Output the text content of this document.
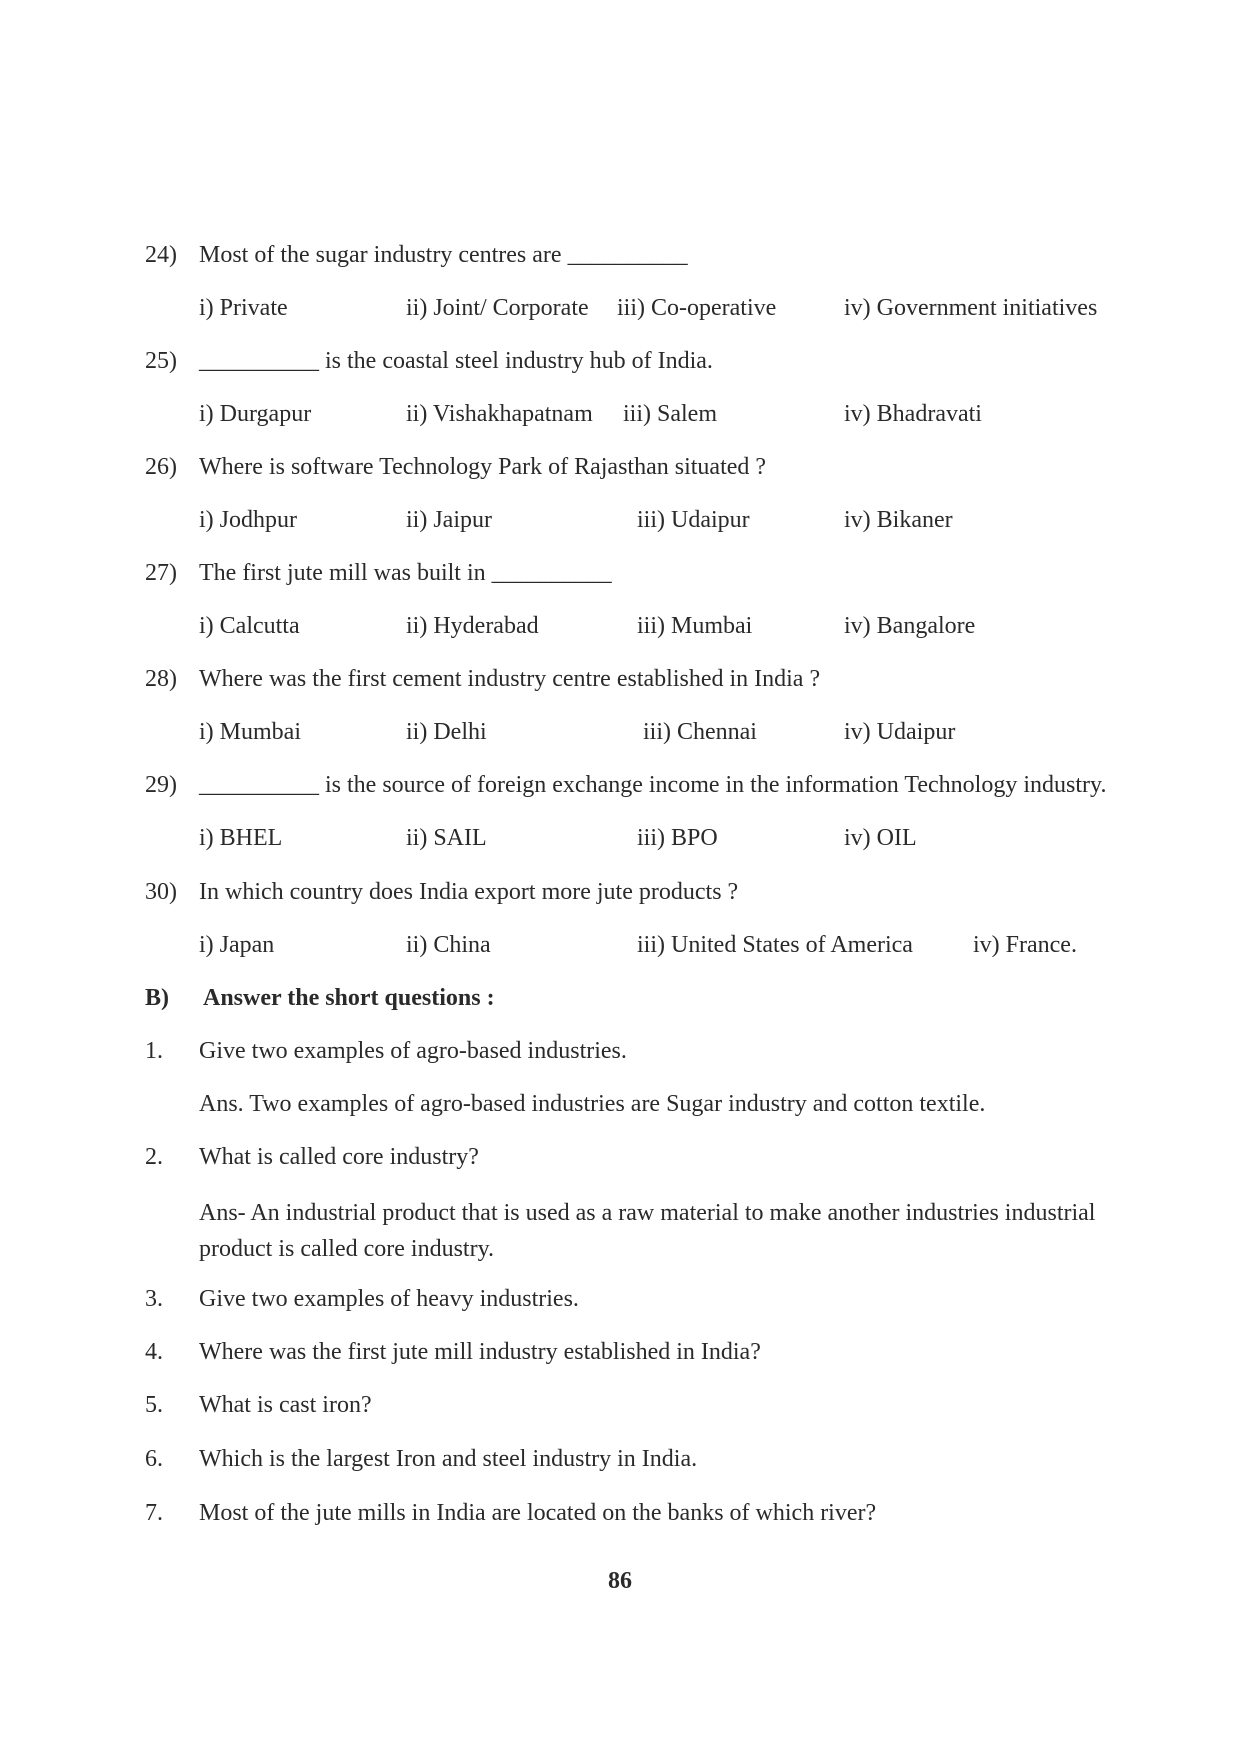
24) Most of the sugar industry centres are __________
i) Private	ii) Joint/ Corporate iii) Co-operative	iv) Government initiatives
25) __________ is the coastal steel industry hub of India.
i) Durgapur	ii) Vishakhapatnam iii) Salem	iv) Bhadravati
26) Where is software Technology Park of Rajasthan situated ?
i) Jodhpur	ii) Jaipur	iii) Udaipur	iv) Bikaner
27) The first jute mill was built in __________
i) Calcutta	ii) Hyderabad	iii) Mumbai	iv) Bangalore
28) Where was the first cement industry centre established in India ?
i) Mumbai	ii) Delhi	iii) Chennai	iv) Udaipur
29) __________ is the source of foreign exchange income in the information Technology industry.
i) BHEL	ii) SAIL	iii) BPO	iv) OIL
30) In which country does India export more jute products ?
i) Japan	ii) China	iii) United States of America	iv) France.
B) Answer the short questions :
1. Give two examples of agro-based industries.
Ans. Two examples of agro-based industries are Sugar industry and cotton textile.
2. What is called core industry?
Ans- An industrial product that is used as a raw material to make another industries industrial product is called core industry.
3. Give two examples of heavy industries.
4. Where was the first jute mill industry established in India?
5. What is cast iron?
6. Which is the largest Iron and steel industry in India.
7. Most of the jute mills in India are located on the banks of which river?
86
